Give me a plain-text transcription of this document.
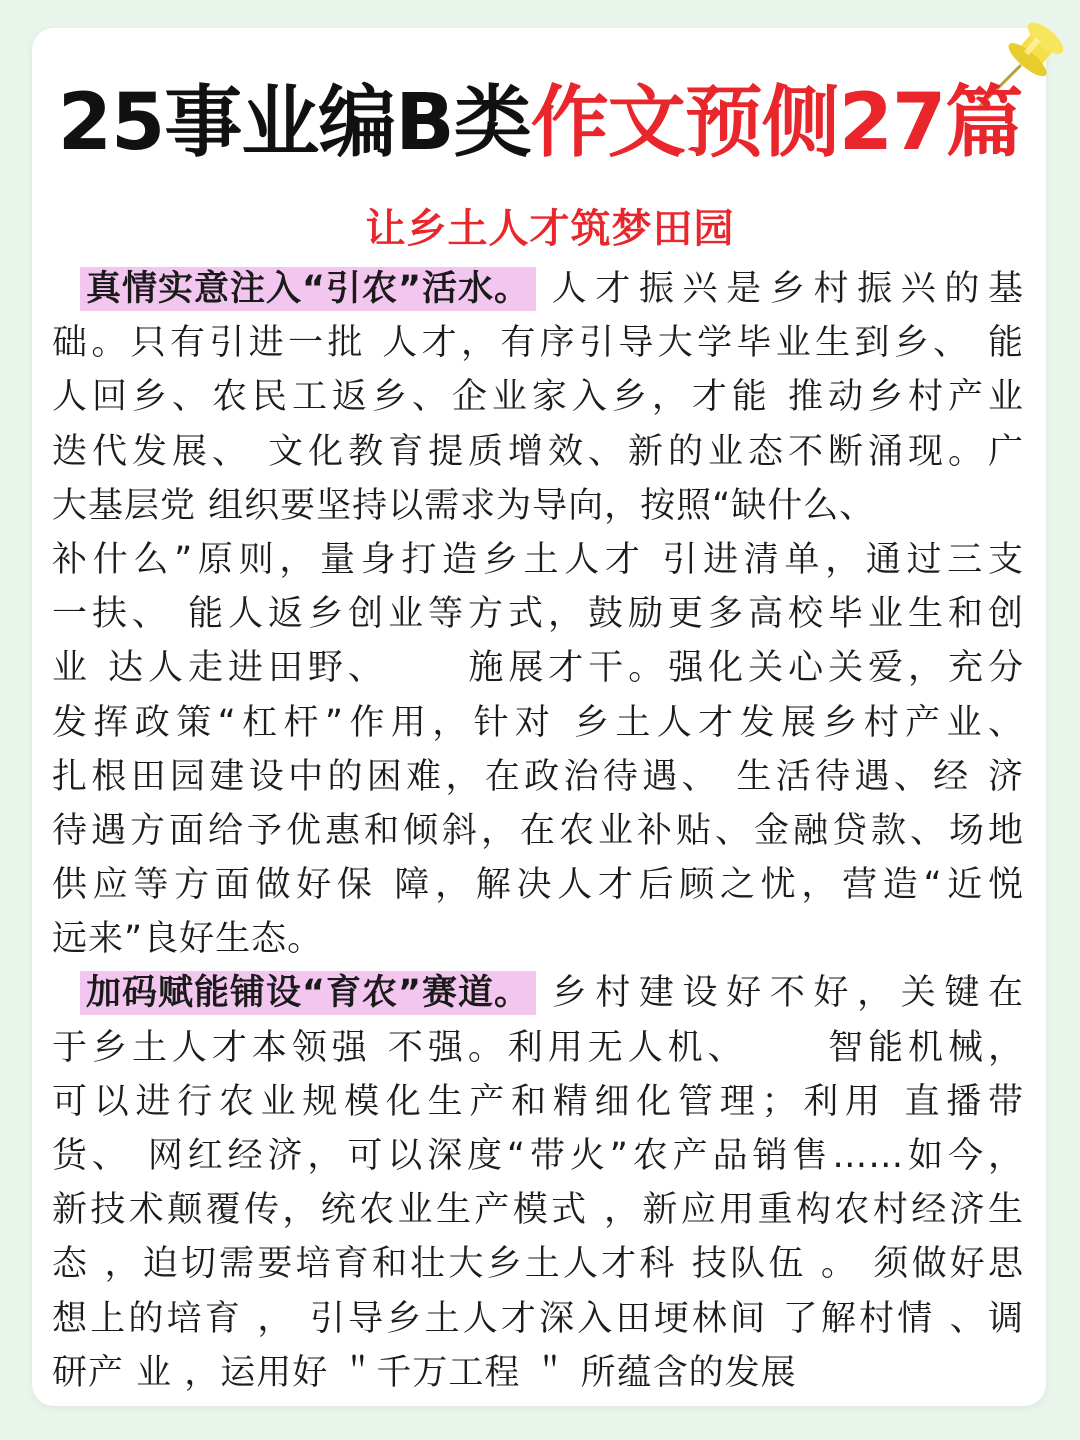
25事业编B类作文预侧27篇
让乡土人才筑梦田园
真情实意注入“引农”活水。 人才振兴是乡村振兴的基
础。只有引进一批 人才，有序引导大学毕业生到乡、 能
人回乡、农民工返乡、企业家入乡，才能 推动乡村产业
迭代发展、 文化教育提质增效、新的业态不断涌现。广
大基层党 组织要坚持以需求为导向，按照“缺什么、
补什么”原则，量身打造乡土人才 引进清单，通过三支
一扶、 能人返乡创业等方式，鼓励更多高校毕业生和创
业 达人走进田野、     施展才干。强化关心关爱，充分
发挥政策“杠杆”作用，针对 乡土人才发展乡村产业、
扎根田园建设中的困难，在政治待遇、 生活待遇、经 济
待遇方面给予优惠和倾斜，在农业补贴、金融贷款、场地
供应等方面做好保 障，解决人才后顾之忧，营造“近悦
远来”良好生态。
加码赋能铺设“育农”赛道。 乡村建设好不好，关键在
于乡土人才本领强 不强。利用无人机、     智能机械，
可以进行农业规模化生产和精细化管理；利用 直播带
货、 网红经济，可以深度“带火”农产品销售……如今，
新技术颠覆传，统农业生产模式 ，新应用重构农村经济生
态 ，迫切需要培育和壮大乡土人才科 技队伍 。 须做好思
想上的培育 ， 引导乡土人才深入田埂林间 了解村情 、调
研产 业 ，运用好 ＂千万工程 ＂ 所蕴含的发展
